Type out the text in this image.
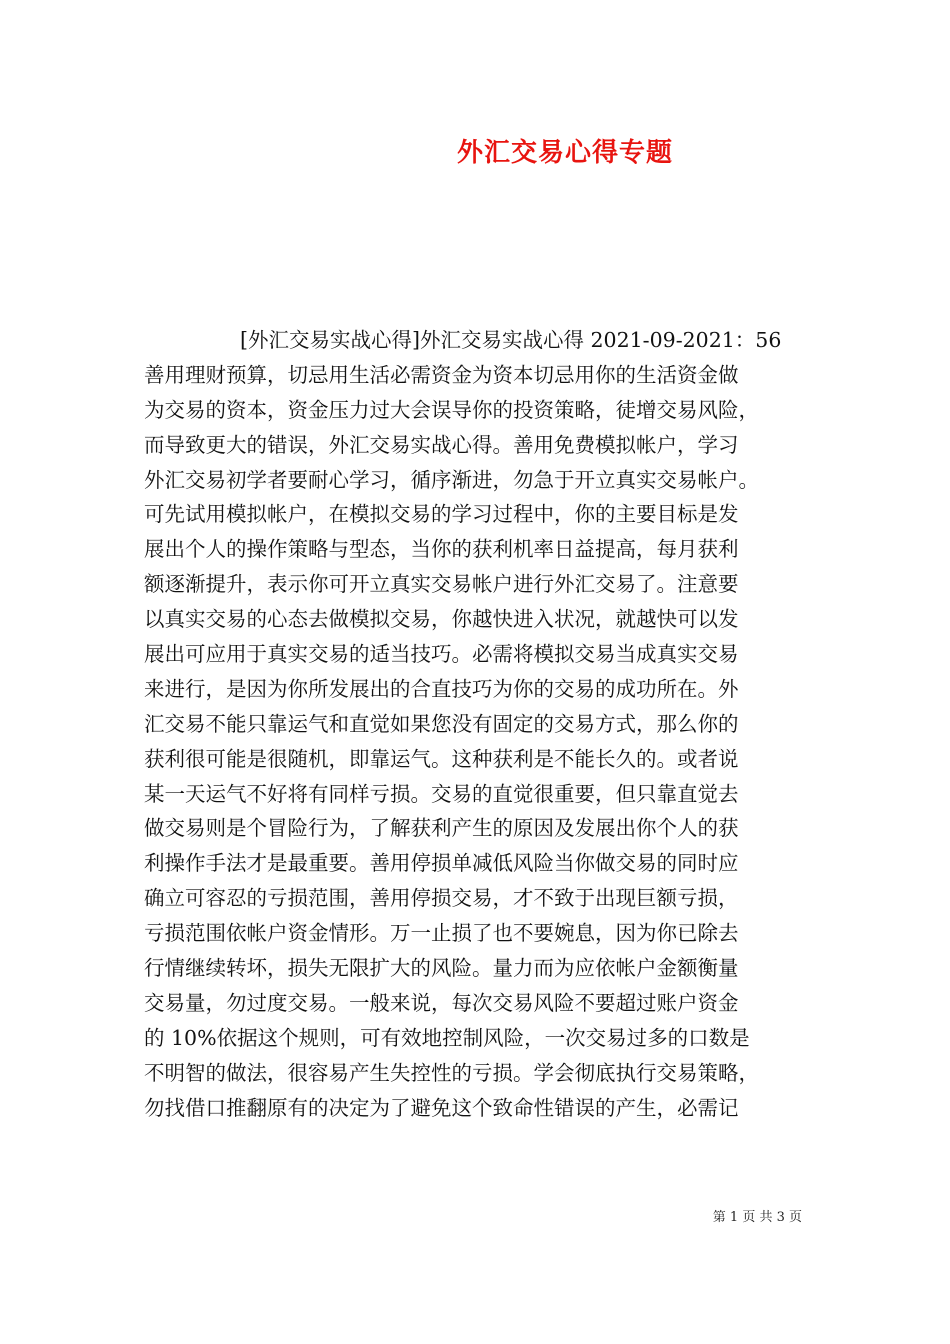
外汇交易心得专题
[外汇交易实战心得]外汇交易实战心得 2021-09-2021：56
善用理财预算，切忌用生活必需资金为资本切忌用你的生活资金做
为交易的资本，资金压力过大会误导你的投资策略，徒增交易风险，
而导致更大的错误，外汇交易实战心得。善用免费模拟帐户，学习
外汇交易初学者要耐心学习，循序渐进，勿急于开立真实交易帐户。
可先试用模拟帐户，在模拟交易的学习过程中，你的主要目标是发
展出个人的操作策略与型态，当你的获利机率日益提高，每月获利
额逐渐提升，表示你可开立真实交易帐户进行外汇交易了。注意要
以真实交易的心态去做模拟交易，你越快进入状况，就越快可以发
展出可应用于真实交易的适当技巧。必需将模拟交易当成真实交易
来进行，是因为你所发展出的合直技巧为你的交易的成功所在。外
汇交易不能只靠运气和直觉如果您没有固定的交易方式，那么你的
获利很可能是很随机，即靠运气。这种获利是不能长久的。或者说
某一天运气不好将有同样亏损。交易的直觉很重要，但只靠直觉去
做交易则是个冒险行为，了解获利产生的原因及发展出你个人的获
利操作手法才是最重要。善用停损单减低风险当你做交易的同时应
确立可容忍的亏损范围，善用停损交易，才不致于出现巨额亏损，
亏损范围依帐户资金情形。万一止损了也不要婉息，因为你已除去
行情继续转坏，损失无限扩大的风险。量力而为应依帐户金额衡量
交易量，勿过度交易。一般来说，每次交易风险不要超过账户资金
的 10%依据这个规则，可有效地控制风险，一次交易过多的口数是
不明智的做法，很容易产生失控性的亏损。学会彻底执行交易策略，
勿找借口推翻原有的决定为了避免这个致命性错误的产生，必需记
第 1 页 共 3 页
